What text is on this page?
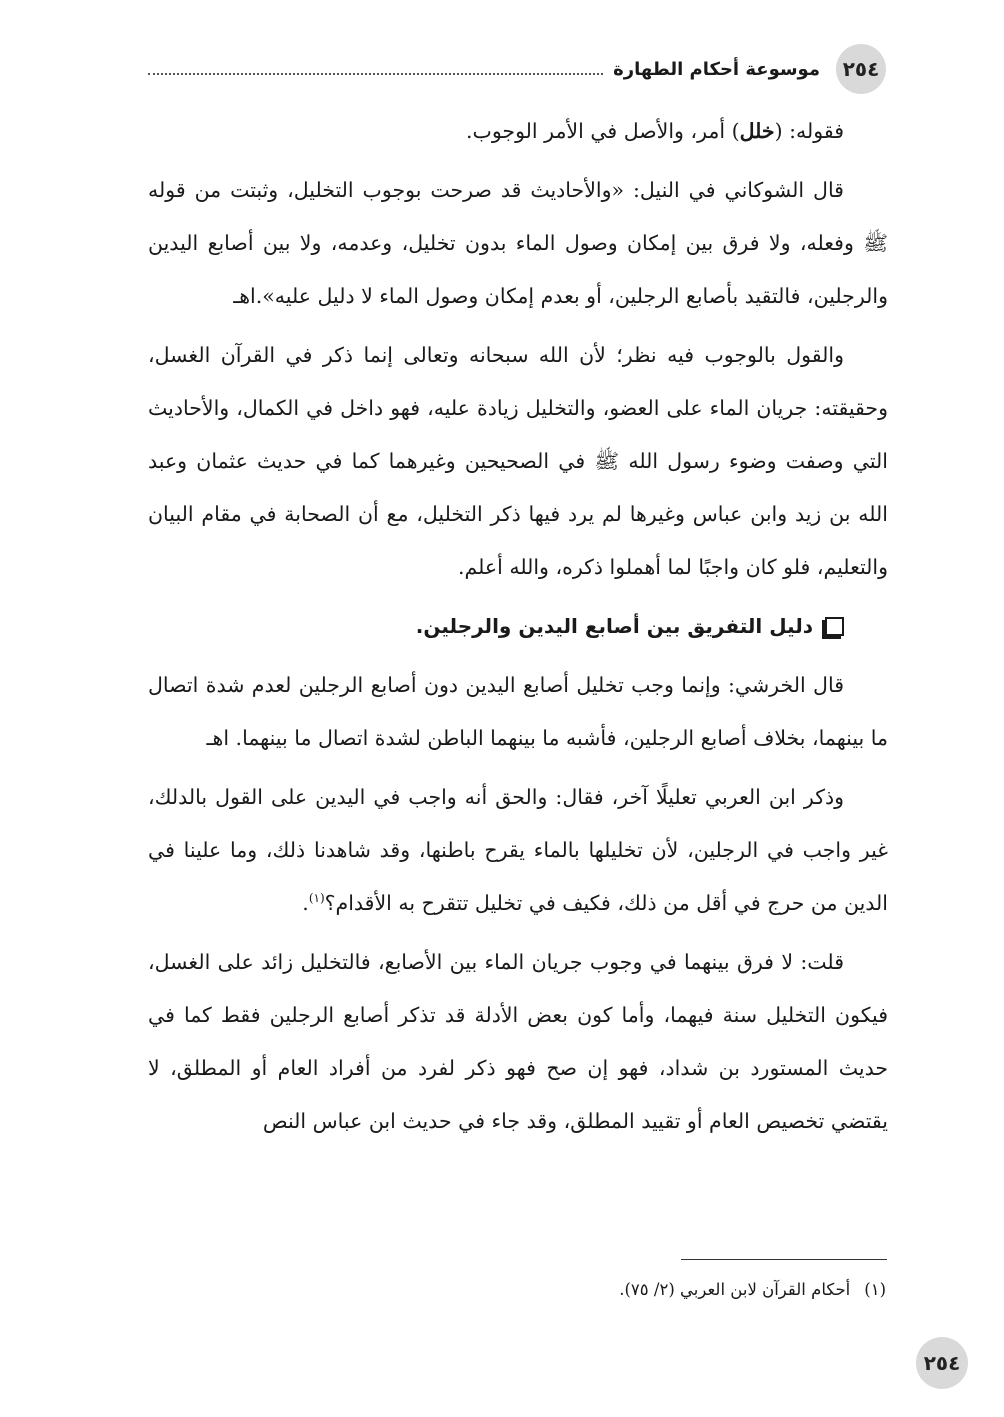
٢٥٤
موسوعة أحكام الطهارة

فقوله: (خلل) أمر، والأصل في الأمر الوجوب.

قال الشوكاني في النيل: «والأحاديث قد صرحت بوجوب التخليل، وثبتت من قوله ﷺ وفعله، ولا فرق بين إمكان وصول الماء بدون تخليل، وعدمه، ولا بين أصابع اليدين والرجلين، فالتقيد بأصابع الرجلين، أو بعدم إمكان وصول الماء لا دليل عليه».اهـ

والقول بالوجوب فيه نظر؛ لأن الله سبحانه وتعالى إنما ذكر في القرآن الغسل، وحقيقته: جريان الماء على العضو، والتخليل زيادة عليه، فهو داخل في الكمال، والأحاديث التي وصفت وضوء رسول الله ﷺ في الصحيحين وغيرهما كما في حديث عثمان وعبد الله بن زيد وابن عباس وغيرها لم يرد فيها ذكر التخليل، مع أن الصحابة في مقام البيان والتعليم، فلو كان واجبًا لما أهملوا ذكره، والله أعلم.

دليل التفريق بين أصابع اليدين والرجلين.

قال الخرشي: وإنما وجب تخليل أصابع اليدين دون أصابع الرجلين لعدم شدة اتصال ما بينهما، بخلاف أصابع الرجلين، فأشبه ما بينهما الباطن لشدة اتصال ما بينهما. اهـ

وذكر ابن العربي تعليلًا آخر، فقال: والحق أنه واجب في اليدين على القول بالدلك، غير واجب في الرجلين، لأن تخليلها بالماء يقرح باطنها، وقد شاهدنا ذلك، وما علينا في الدين من حرج في أقل من ذلك، فكيف في تخليل تتقرح به الأقدام؟$^{(١)}$.

قلت: لا فرق بينهما في وجوب جريان الماء بين الأصابع، فالتخليل زائد على الغسل، فيكون التخليل سنة فيهما، وأما كون بعض الأدلة قد تذكر أصابع الرجلين فقط كما في حديث المستورد بن شداد، فهو إن صح فهو ذكر لفرد من أفراد العام أو المطلق، لا يقتضي تخصيص العام أو تقييد المطلق، وقد جاء في حديث ابن عباس النص

(١)أحكام القرآن لابن العربي (٢/ ٧٥).
٢٥٤
